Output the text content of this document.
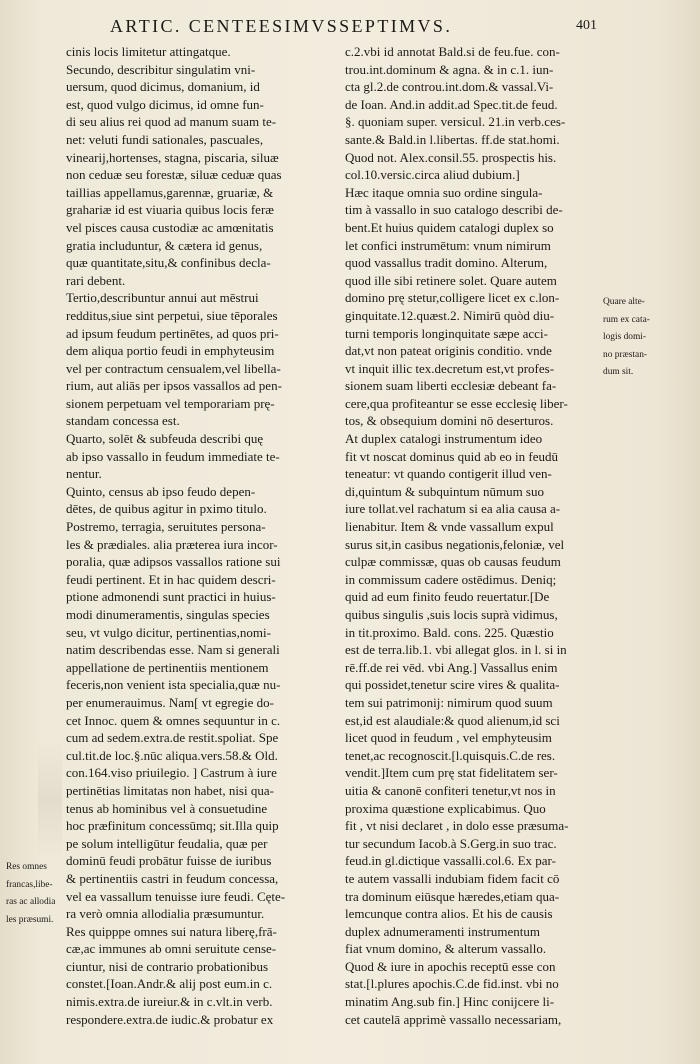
ARTIC. CENTEESIMVSSEPTIMVS.	401
cinis locis limitetur attingatque.
Secundo, describitur singulatim vni-
uersum, quod dicimus, domanium, id
est, quod vulgo dicimus, id omne fun-
di seu alius rei quod ad manum suam te-
net: veluti fundi sationales, pascuales,
vinearij,hortenses, stagna, piscaria, siluæ
non ceduæ seu forestæ, siluæ ceduæ quas
taillias appellamus,garennæ, gruariæ, &
grahariæ id est viuaria quibus locis feræ
vel pisces causa custodiæ ac amœnitatis
gratia includuntur, & cætera id genus,
quæ quantitate,situ,& confinibus decla-
rari debent.
Tertio,describuntur annui aut mēstrui
redditus,siue sint perpetui, siue tēporales
ad ipsum feudum pertinētes, ad quos pri-
dem aliqua portio feudi in emphyteusim
vel per contractum censualem,vel libella-
rium, aut aliās per ipsos vassallos ad pen-
sionem perpetuam vel temporariam prę-
standam concessa est.
Quarto, solēt & subfeuda describi quę
ab ipso vassallo in feudum immediate te-
nentur.
Quinto, census ab ipso feudo depen-
dētes, de quibus agitur in pximo titulo.
Postremo, terragia, seruitutes persona-
les & prædiales. alia præterea iura incor-
poralia, quæ adipsos vassallos ratione sui
feudi pertinent. Et in hac quidem descri-
ptione admonendi sunt practici in huius-
modi dinumeramentis, singulas species
seu, vt vulgo dicitur, pertinentias,nomi-
natim describendas esse. Nam si generali
appellatione de pertinentiis mentionem
feceris,non venient ista specialia,quæ nu-
per enumerauimus. Nam[ vt egregie do-
cet Innoc. quem & omnes sequuntur in c.
cum ad sedem.extra.de restit.spoliat. Spe
cul.tit.de loc.§.nūc aliqua.vers.58.& Old.
con.164.viso priuilegio. ] Castrum à iure
pertinētias limitatas non habet, nisi qua-
tenus ab hominibus vel à consuetudine
hoc præfinitum concessūmq; sit.Illa quip
pe solum intelligūtur feudalia, quæ per
dominū feudi probātur fuisse de iuribus
& pertinentiis castri in feudum concessa,
vel ea vassallum tenuisse iure feudi. Cęte-
ra verò omnia allodialia præsumuntur.
Res quipppe omnes sui natura liberę,frā-
cæ,ac immunes ab omni seruitute cense-
ciuntur, nisi de contrario probationibus
constet.[Ioan.Andr.& alij post eum.in c.
nimis.extra.de iureiur.& in c.vlt.in verb.
respondere.extra.de iudic.& probatur ex
c.2.vbi id annotat Bald.si de feu.fue. con-
trou.int.dominum & agna. & in c.1. iun-
cta gl.2.de controu.int.dom.& vassal.Vi-
de Ioan. And.in addit.ad Spec.tit.de feud.
§. quoniam super. versicul. 21.in verb.ces-
sante.& Bald.in l.libertas. ff.de stat.homi.
Quod not. Alex.consil.55. prospectis his.
col.10.versic.circa aliud dubium.]
Hæc itaque omnia suo ordine singula-
tim à vassallo in suo catalogo describi de-
bent.Et huius quidem catalogi duplex so
let confici instrumētum: vnum nimirum
quod vassallus tradit domino. Alterum,
quod ille sibi retinere solet. Quare autem
domino prę stetur,colligere licet ex c.lon-
ginquitate.12.quæst.2. Nimirū quòd diu-
turni temporis longinquitate sæpe acci-
dat,vt non pateat originis conditio. vnde
vt inquit illic tex.decretum est,vt profes-
sionem suam liberti ecclesiæ debeant fa-
cere,qua profiteantur se esse ecclesię liber-
tos, & obsequium domini nō deserturos.
At duplex catalogi instrumentum ideo
fit vt noscat dominus quid ab eo in feudū
teneatur: vt quando contigerit illud ven-
di,quintum & subquintum nūmum suo
iure tollat.vel rachatum si ea alia causa a-
lienabitur. Item & vnde vassallum expul
surus sit,in casibus negationis,feloniæ, vel
culpæ commissæ, quas ob causas feudum
in commissum cadere ostēdimus. Deniq;
quid ad eum finito feudo reuertatur.[De
quibus singulis ,suis locis suprà vidimus,
in tit.proximo. Bald. cons. 225. Quæstio
est de terra.lib.1. vbi allegat glos. in l. si in
rē.ff.de rei vēd. vbi Ang.] Vassallus enim
qui possidet,tenetur scire vires & qualita-
tem sui patrimonij: nimirum quod suum
est,id est alaudiale:& quod alienum,id sci
licet quod in feudum , vel emphyteusim
tenet,ac recognoscit.[l.quisquis.C.de res.
vendit.]Item cum prę stat fidelitatem ser-
uitia & canonē confiteri tenetur,vt nos in
proxima quæstione explicabimus. Quo
fit , vt nisi declaret , in dolo esse præsuma-
tur secundum Iacob.à S.Gerg.in suo trac.
feud.in gl.dictique vassalli.col.6. Ex par-
te autem vassalli indubiam fidem facit cō
tra dominum eiūsque hæredes,etiam qua-
lemcunque contra alios. Et his de causis
duplex adnumeramenti instrumentum
fiat vnum domino, & alterum vassallo.
Quod & iure in apochis receptū esse con
stat.[l.plures apochis.C.de fid.inst. vbi no
minatim Ang.sub fin.] Hinc conijcere li-
cet cautelā apprimè vassallo necessariam,
Quare alte-
rum ex cata-
logis domi-
no præstan-
dum sit.
Res omnes
francas,libe-
ras ac allodia
les præsumi.
